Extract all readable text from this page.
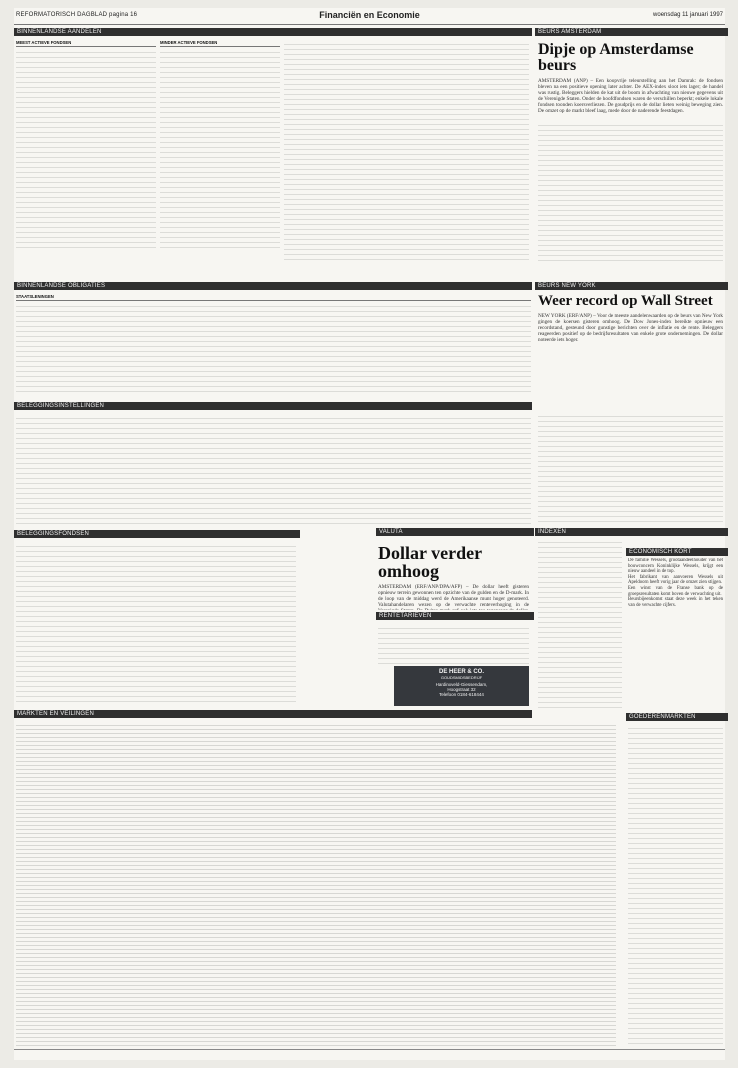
REFORMATORISCH DAGBLAD pagina 16	Financiën en Economie	woensdag 11 januari 1997
BINNENLANDSE AANDELEN	BEURS AMSTERDAM
BINNENLANDSE OBLIGATIES	BEURS NEW YORK
BELEGGINGSINSTELLINGEN
BELEGGINGSFONDSEN	VALUTA
MARKTEN EN VEILINGEN
INDEXEN
ECONOMISCH KORT
RENTETARIEVEN
GOEDERENMARKTEN
MEEST ACTIEVE FONDSEN	MINDER ACTIEVE FONDSEN
STAATSLENINGEN
Dipje op Amsterdamse beurs
AMSTERDAM (ANP) – Een koopvrije teleurstelling aan het Damrak: de fondsen bleven na een positieve opening later achter. De AEX-index sloot iets lager; de handel was rustig. Beleggers hielden de kat uit de boom in afwachting van nieuwe gegevens uit de Verenigde Staten. Onder de hoofdfondsen waren de verschillen beperkt; enkele lokale fondsen toonden koersverliezen. De goudprijs en de dollar lieten weinig beweging zien. De omzet op de markt bleef laag, mede door de naderende feestdagen.
Weer record op Wall Street
NEW YORK (ERF/ANP) – Voor de meeste aandelenwaarden op de beurs van New York gingen de koersen gisteren omhoog. De Dow Jones-index bereikte opnieuw een recordstand, gesteund door gunstige berichten over de inflatie en de rente. Beleggers reageerden positief op de bedrijfsresultaten van enkele grote ondernemingen. De dollar noteerde iets hoger.
Dollar verder omhoog
AMSTERDAM (ERF/ANP/DPA/AFP) – De dollar heeft gisteren opnieuw terrein gewonnen ten opzichte van de gulden en de D-mark. In de loop van de middag werd de Amerikaanse munt hoger genoteerd. Valutahandelaren wezen op de verwachte renteverhoging in de
DE HEER & CO.
GOUDSMIDSBEDRIJF
Hardinxveld-Giessendam,
Hoogstraat 32
Telefoon 0184-618444
De familie Wessels, grootaandeelhouder van het bouwconcern Koninklijke Wessels, krijgt een nieuw aandeel in de top.
Het fabrikant van aanvoeren Wessels uit Apeldoorn heeft vorig jaar de omzet zien stijgen.
Een winst van de Franse bank op de groepsresultaten komt boven de verwachting uit.
Beursbijeenkomst staat deze week in het teken van de verwachte cijfers.
